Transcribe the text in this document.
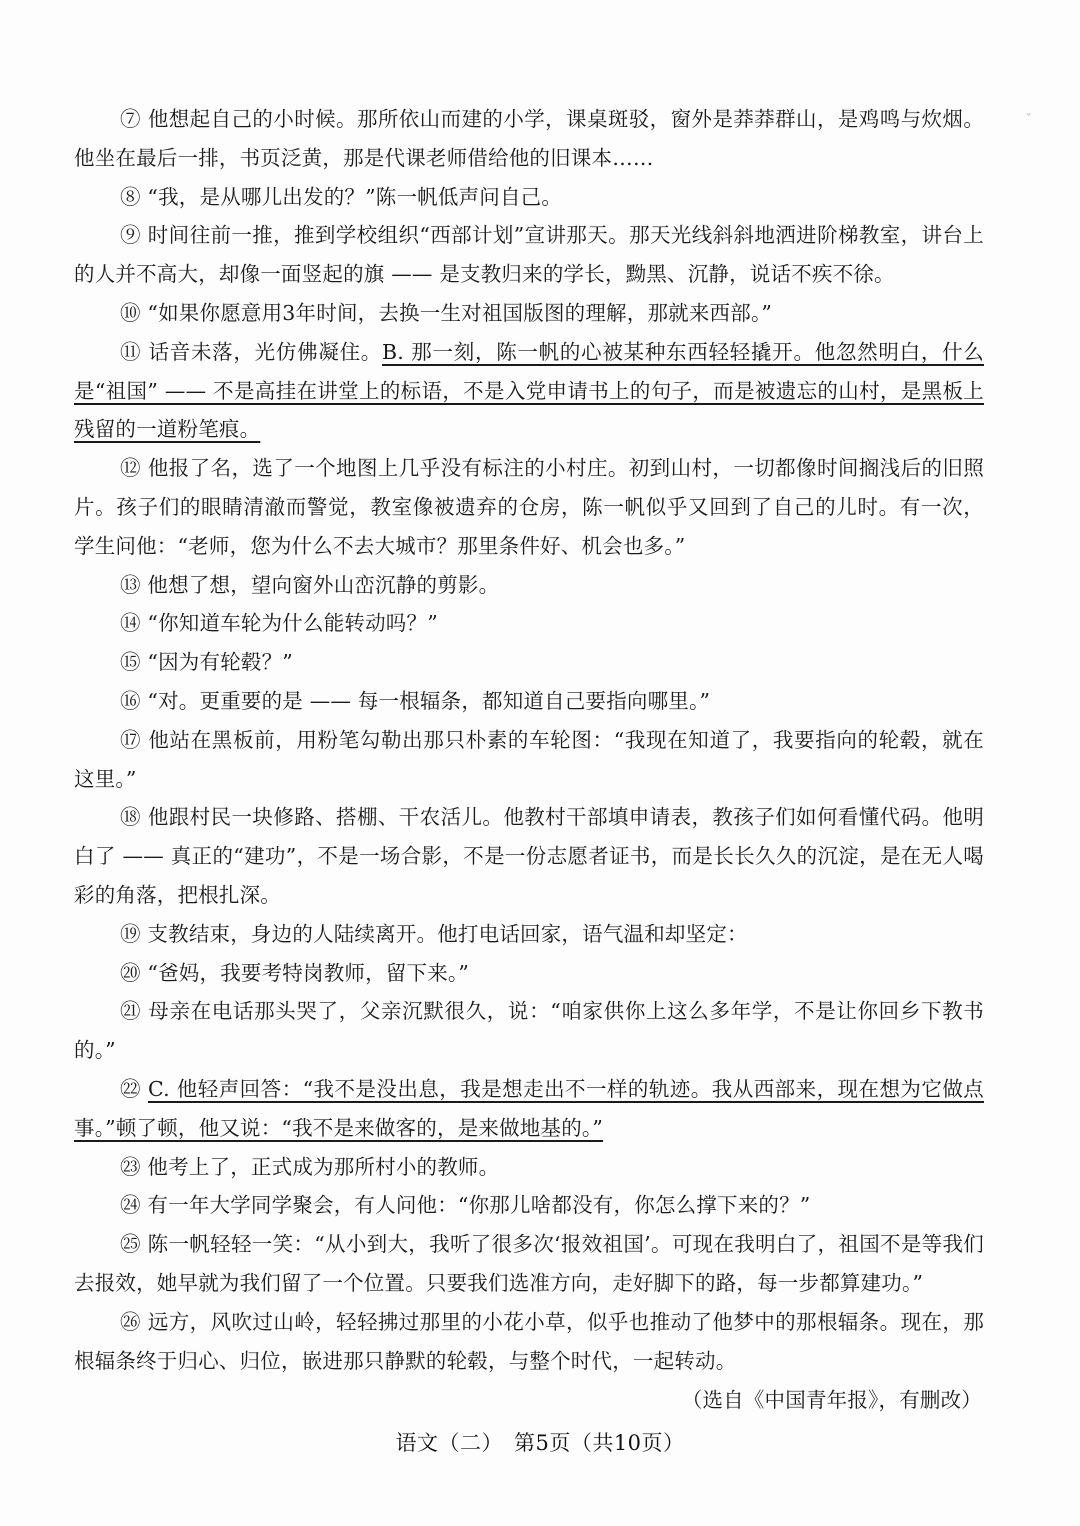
ˇ

⑦ 他想起自己的小时候。那所依山而建的小学，课桌斑驳，窗外是莽莽群山，是鸡鸣与炊烟。他坐在最后一排，书页泛黄，那是代课老师借给他的旧课本……

⑧ “我，是从哪儿出发的？”陈一帆低声问自己。

⑨ 时间往前一推，推到学校组织“西部计划”宣讲那天。那天光线斜斜地洒进阶梯教室，讲台上的人并不高大，却像一面竖起的旗 —— 是支教归来的学长，黝黑、沉静，说话不疾不徐。

⑩ “如果你愿意用3年时间，去换一生对祖国版图的理解，那就来西部。”

⑪ 话音未落，光仿佛凝住。B. 那一刻，陈一帆的心被某种东西轻轻撬开。他忽然明白，什么是“祖国” —— 不是高挂在讲堂上的标语，不是入党申请书上的句子，而是被遗忘的山村，是黑板上残留的一道粉笔痕。

⑫ 他报了名，选了一个地图上几乎没有标注的小村庄。初到山村，一切都像时间搁浅后的旧照片。孩子们的眼睛清澈而警觉，教室像被遗弃的仓房，陈一帆似乎又回到了自己的儿时。有一次，学生问他：“老师，您为什么不去大城市？那里条件好、机会也多。”

⑬ 他想了想，望向窗外山峦沉静的剪影。

⑭ “你知道车轮为什么能转动吗？”

⑮ “因为有轮毂？”

⑯ “对。更重要的是 —— 每一根辐条，都知道自己要指向哪里。”

⑰ 他站在黑板前，用粉笔勾勒出那只朴素的车轮图：“我现在知道了，我要指向的轮毂，就在这里。”

⑱ 他跟村民一块修路、搭棚、干农活儿。他教村干部填申请表，教孩子们如何看懂代码。他明白了 —— 真正的“建功”，不是一场合影，不是一份志愿者证书，而是长长久久的沉淀，是在无人喝彩的角落，把根扎深。

⑲ 支教结束，身边的人陆续离开。他打电话回家，语气温和却坚定：

⑳ “爸妈，我要考特岗教师，留下来。”

㉑ 母亲在电话那头哭了，父亲沉默很久，说：“咱家供你上这么多年学，不是让你回乡下教书的。”

㉒ C. 他轻声回答：“我不是没出息，我是想走出不一样的轨迹。我从西部来，现在想为它做点事。”顿了顿，他又说：“我不是来做客的，是来做地基的。”

㉓ 他考上了，正式成为那所村小的教师。

㉔ 有一年大学同学聚会，有人问他：“你那儿啥都没有，你怎么撑下来的？”

㉕ 陈一帆轻轻一笑：“从小到大，我听了很多次‘报效祖国’。可现在我明白了，祖国不是等我们去报效，她早就为我们留了一个位置。只要我们选准方向，走好脚下的路，每一步都算建功。”

㉖ 远方，风吹过山岭，轻轻拂过那里的小花小草，似乎也推动了他梦中的那根辐条。现在，那根辐条终于归心、归位，嵌进那只静默的轮毂，与整个时代，一起转动。

（选自《中国青年报》，有删改）

语文（二）　第5页（共10页）
